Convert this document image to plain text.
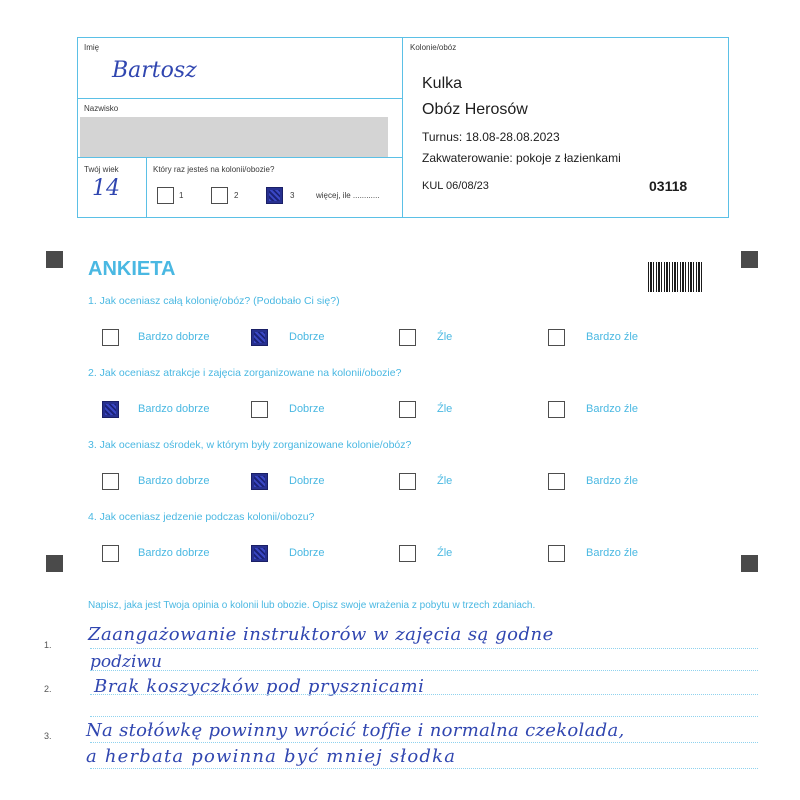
Imię
Bartosz
Nazwisko
Twój wiek
14
Który raz jesteś na kolonii/obozie?
1	2	3	więcej, ile ............
Kolonie/obóz
Kulka
Obóz Herosów
Turnus: 18.08-28.08.2023
Zakwaterowanie: pokoje z łazienkami
KUL 06/08/23	03118
ANKIETA
1. Jak oceniasz całą kolonię/obóz? (Podobało Ci się?)
Bardzo dobrze	Dobrze	Źle	Bardzo źle
2. Jak oceniasz atrakcje i zajęcia zorganizowane na kolonii/obozie?
Bardzo dobrze	Dobrze	Źle	Bardzo źle
3. Jak oceniasz ośrodek, w którym były zorganizowane kolonie/obóz?
Bardzo dobrze	Dobrze	Źle	Bardzo źle
4. Jak oceniasz jedzenie podczas kolonii/obozu?
Bardzo dobrze	Dobrze	Źle	Bardzo źle
Napisz, jaka jest Twoja opinia o kolonii lub obozie. Opisz swoje wrażenia z pobytu w trzech zdaniach.
1. Zaangażowanie instruktorów w zajęcia są godne
podziwu
2. Brak koszyczków pod prysznicami
3. Na stołówkę powinny wrócić toffie i normalna czekolada,
a herbata powinna być mniej słodka
